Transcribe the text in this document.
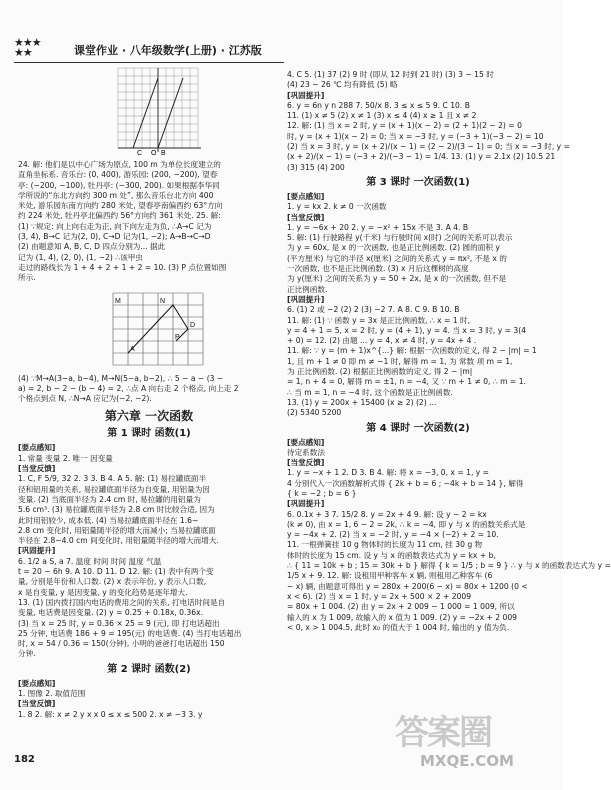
★★★
★★	课堂作业 · 八年级数学(上册) · 江苏版
C O B

24. 解: 他们是以中心广场为原点, 100 m 为单位长度建立的

直角坐标系. 音乐台: (0, 400), 游乐园: (200, −200), 望春

亭: (−200, −100), 牡丹亭: (−300, 200). 如果根据李华同

学所说的“东北方向约 300 m 处”, 那么音乐台北方向 400

米处, 游乐园东南方向约 280 米处, 望春亭南偏西约 63°方向

约 224 米处, 牡丹亭北偏西约 56°方向约 361 米处. 25. 解:

(1) ∵规定: 向上向右走为正, 向下向左走为负, ∴A→C 记为

(3, 4), B→C 记为(2, 0), C→D 记为(1, −2); A→B→C→D

(2) 由题意知 A, B, C, D 四点分别为... 据此

记为 (1, 4), (2, 0), (1, −2) ∴该甲虫

走过的路线长为 1 + 4 + 2 + 1 + 2 = 10. (3) P 点位置如图

所示.

M	N
A
D
P

(4) ∵M→A(3−a, b−4), M→N(5−a, b−2), ∴ 5 − a − (3 −

a) = 2, b − 2 − (b − 4) = 2, ∴点 A 向右走 2 个格点, 向上走 2

个格点到点 N, ∴N→A 应记为(−2, −2).

第六章 一次函数

第 1 课时 函数(1)

[要点感知]

1. 常量 变量 2. 唯一 因变量

[当堂反馈]

1. C, F 5/9, 32 2. 3 3. B 4. A 5. 解: (1) 易拉罐底面半

径和铝用量的关系, 易拉罐底面半径为自变量, 用铝量为因

变量. (2) 当底面半径为 2.4 cm 时, 易拉罐的用铝量为

5.6 cm³. (3) 易拉罐底面半径为 2.8 cm 时比较合适, 因为

此时用铝较少, 成本低. (4) 当易拉罐底面半径在 1.6~

2.8 cm 变化时, 用铝量随半径的增大而减小; 当易拉罐底面

半径在 2.8~4.0 cm 间变化时, 用铝量随半径的增大而增大.

[巩固提升]

6. 1/2 a S, a 7. 温度 时间 时间 温度 气温

t = 20 − 6h 9. A 10. D 11. D 12. 解: (1) 表中有两个变

量, 分别是年份和人口数. (2) x 表示年份, y 表示人口数,

x 是自变量, y 是因变量, y 的变化趋势是逐年增大.

13. (1) 国内拨打国内电话的费用之间的关系, 打电话时间是自

变量, 电话费是因变量. (2) y = 0.25 + 0.18x, 0.36x.

(3) 当 x = 25 时, y = 0.36 × 25 = 9 (元), 即 打电话超出

25 分钟, 电话费 186 + 9 = 195(元) 的电话费. (4) 当打电话超出

时, x = 54 / 0.36 = 150(分钟), 小明的爸爸打电话超出 150

分钟.

第 2 课时 函数(2)

[要点感知]

1. 图像 2. 取值范围

[当堂反馈]

1. 8 2. 解: x ≠ 2 y x x 0 ≤ x ≤ 500 2. x ≠ −3 3. y

4. C 5. (1) 37 (2) 9 时 (即从 12 时到 21 时) (3) 3 ~ 15 时

(4) 23 ~ 26 ℃ 均有降低 (5) 略

[巩固提升]

6. y = 6n y n 288 7. 50/x 8. 3 ≤ x ≤ 5 9. C 10. B

11. (1) x ≠ 5 (2) x ≠ 1 (3) x ≤ 4 (4) x ≥ 1 且 x ≠ 2

12. 解: (1) 当 x = 2 时, y = (x + 1)(x − 2) = (2 + 1)(2 − 2) = 0

时, y = (x + 1)(x − 2) = 0; 当 x = −3 时, y = (−3 + 1)(−3 − 2) = 10

(2) 当 x = 3 时, y = (x + 2)/(x − 1) = (2 − 2)/(3 − 1) = 0; 当 x = −3 时, y =

(x + 2)/(x − 1) = (−3 + 2)/(−3 − 1) = 1/4. 13. (1) y = 2.1x (2) 10.5 21

(3) 315 (4) 200

第 3 课时 一次函数(1)

[要点感知]

1. y = kx 2. k ≠ 0 一次函数

[当堂反馈]

1. y = −6x + 20 2. y = −x² + 15x 不是 3. A 4. B

5. 解: (1) 行驶路程 y(千米) 与行驶时间 x(时) 之间的关系可以表示

为 y = 60x, 是 x 的一次函数, 也是正比例函数. (2) 圆的面积 y

(平方厘米) 与它的半径 x(厘米) 之间的关系式 y = πx², 不是 x 的

一次函数, 也不是正比例函数. (3) x 月后这棵树的高度

为 y(厘米) 之间的关系为 y = 50 + 2x, 是 x 的一次函数, 但不是

正比例函数.

[巩固提升]

6. (1) 2 或 −2 (2) 2 (3) −2 7. A 8. C 9. B 10. B

11. 解: (1) ∵ 函数 y = 3x 是正比例函数, ∴ x = 1 时,

y = 4 + 1 = 5, x = 2 时, y = (4 + 1), y = 4. 当 x = 3 时, y = 3(4

+ 0) = 12. (2) 由题 ... y = 4, x ≠ 4 时, y = 4x + 4 .

11. 解: ∵ y = (m + 1)x^{...} 解: 根据一次函数的定义, 得 2 − |m| = 1

1, 且 m + 1 ≠ 0 即 m ≠ −1 时, 解得 m = 1, 为 常数 项 m = 1,

为 正比例函数. (2) 根据正比例函数的定义, 得 2 − |m|

= 1, n + 4 = 0, 解得 m = ±1, n = −4, 又 ∵ m + 1 ≠ 0, ∴ m = 1.

∴ 当 m = 1, n = −4 时, 这个函数是正比例函数.

13. (1) y = 200x + 15400 (x ≥ 2) (2) ...

(2) 5340 5200

第 4 课时 一次函数(2)

[要点感知]

待定系数法

[当堂反馈]

1. y = −x + 1 2. D 3. B 4. 解: 将 x = −3, 0, x = 1, y =

4 分别代入一次函数解析式得 { 2k + b = 6 ; −4k + b = 14 }, 解得

{ k = −2 ; b = 6 }

[巩固提升]

6. 0.1x + 3 7. 15/2 8. y = 2x + 4 9. 解: 设 y − 2 = kx

(k ≠ 0), 由 x = 1, 6 − 2 = 2k, ∴ k = −4, 即 y 与 x 的函数关系式是

y = −4x + 2. (2) 当 x = −2 时, y = −4 × (−2) + 2 = 10.

11. 一根弹簧挂 10 g 物体时的长度为 11 cm, 挂 30 g 物

体时的长度为 15 cm. 设 y 与 x 的函数表达式为 y = kx + b,

∴ { 11 = 10k + b ; 15 = 30k + b } 解得 { k = 1/5 ; b = 9 } ∴ y 与 x 的函数表达式为 y =

1/5 x + 9. 12. 解: 设租用甲种客车 x 辆, 则租用乙种客车 (6

− x) 辆, 由题意可得出 y = 280x + 200(6 − x) = 80x + 1200 (0 <

x < 6). (2) 当 x = 1 时, y = 2x + 500 × 2 + 2009

= 80x + 1 004. (2) 由 y = 2x + 2 009 − 1 000 = 1 009, 所以

输入的 x 为 1 009, 故输入的 x 值为 1 009. (2) y = −2x + 2 009

< 0, x > 1 004.5, 此时 x₀ 的值大于 1 004 时, 输出的 y 值为负.

182
答案圈
MXQE.COM
